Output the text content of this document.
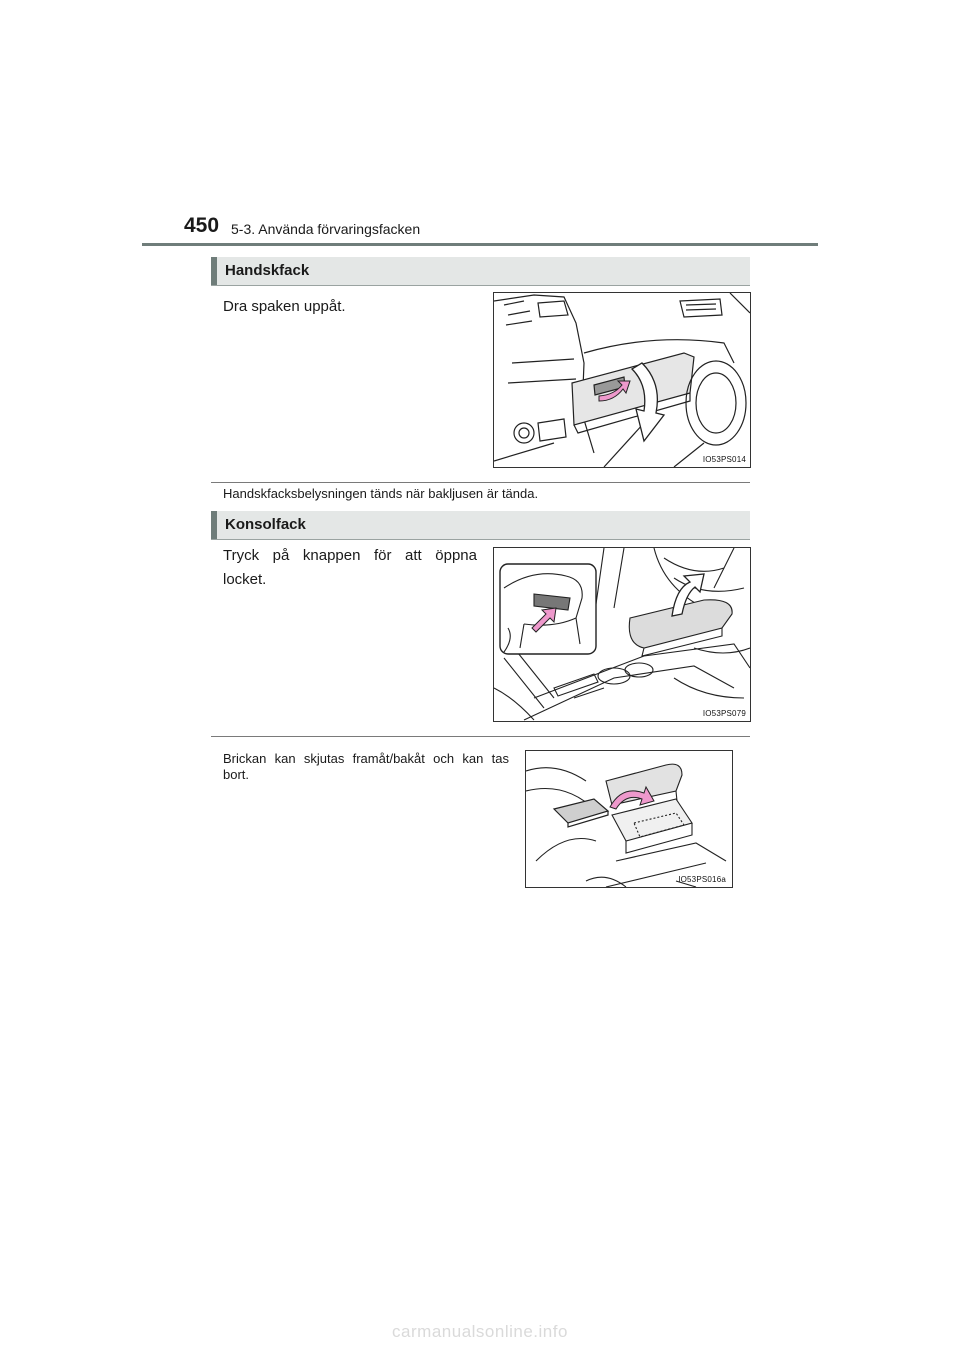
450 5-3. Använda förvaringsfacken
Handskfack
Dra spaken uppåt.
IO53PS014
Handskfacksbelysningen tänds när bakljusen är tända.
Konsolfack
Tryck på knappen för att öppna locket.
IO53PS079
Brickan kan skjutas framåt/bakåt och kan tas bort.
IO53PS016a
carmanualsonline.info
